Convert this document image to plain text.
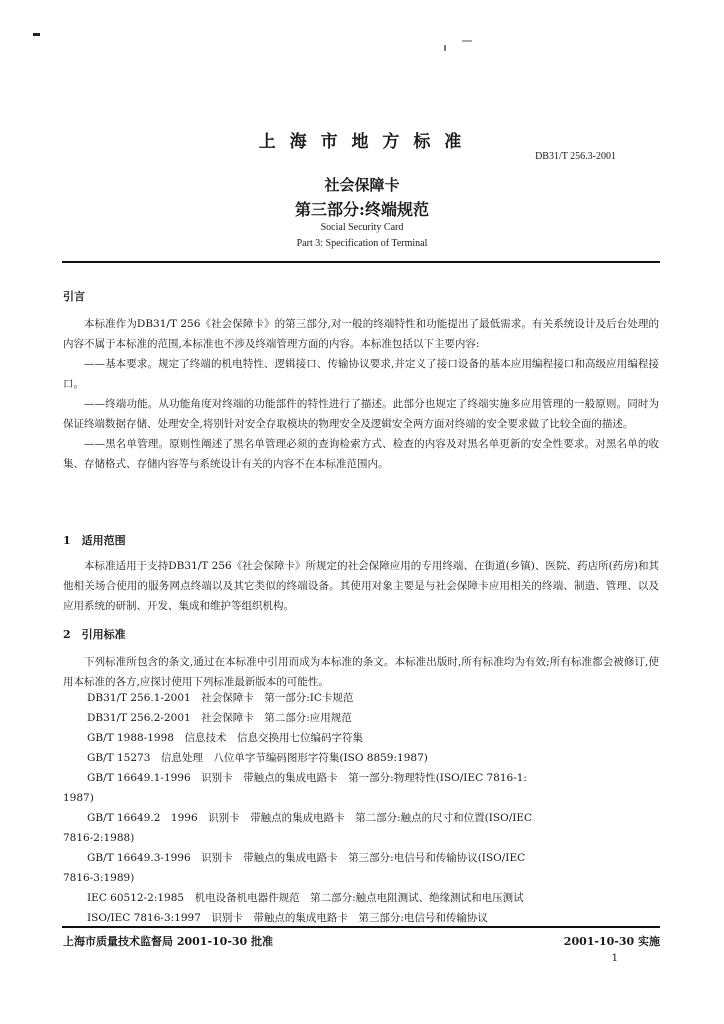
上 海 市 地 方 标 准
DB31/T 256.3-2001
社会保障卡
第三部分:终端规范
Social Security Card
Part 3: Specification of Terminal
引言

本标准作为DB31/T 256《社会保障卡》的第三部分,对一般的终端特性和功能提出了最低需求。有关系统设计及后台处理的内容不属于本标准的范围,本标准也不涉及终端管理方面的内容。本标准包括以下主要内容:

——基本要求。规定了终端的机电特性、逻辑接口、传输协议要求,并定义了接口设备的基本应用编程接口和高级应用编程接口。

——终端功能。从功能角度对终端的功能部件的特性进行了描述。此部分也规定了终端实施多应用管理的一般原则。同时为保证终端数据存储、处理安全,将别针对安全存取模块的物理安全及逻辑安全两方面对终端的安全要求做了比较全面的描述。

——黑名单管理。原则性阐述了黑名单管理必须的查询检索方式、检查的内容及对黑名单更新的安全性要求。对黑名单的收集、存储格式、存储内容等与系统设计有关的内容不在本标准范围内。

1　适用范围

本标准适用于支持DB31/T 256《社会保障卡》所规定的社会保障应用的专用终端、在街道(乡镇)、医院、药店所(药房)和其他相关场合使用的服务网点终端以及其它类似的终端设备。其使用对象主要是与社会保障卡应用相关的终端、制造、管理、以及应用系统的研制、开发、集成和维护等组织机构。

2　引用标准

下列标准所包含的条文,通过在本标准中引用而成为本标准的条文。本标准出版时,所有标准均为有效;所有标准都会被修订,使用本标准的各方,应探讨使用下列标准最新版本的可能性。

DB31/T 256.1-2001　社会保障卡　第一部分:IC卡规范
DB31/T 256.2-2001　社会保障卡　第二部分:应用规范
GB/T 1988-1998　信息技术　信息交换用七位编码字符集
GB/T 15273　信息处理　八位单字节编码图形字符集(ISO 8859:1987)
GB/T 16649.1-1996　识别卡　带触点的集成电路卡　第一部分:物理特性(ISO/IEC 7816-1:
1987)
GB/T 16649.2　1996　识别卡　带触点的集成电路卡　第二部分:触点的尺寸和位置(ISO/IEC
7816-2:1988)
GB/T 16649.3-1996　识别卡　带触点的集成电路卡　第三部分:电信号和传输协议(ISO/IEC
7816-3:1989)
IEC 60512-2:1985　机电设备机电器件规范　第二部分:触点电阻测试、绝缘测试和电压测试
ISO/IEC 7816-3:1997　识别卡　带触点的集成电路卡　第三部分:电信号和传输协议
上海市质量技术监督局 2001-10-30 批准	2001-10-30 实施
1
